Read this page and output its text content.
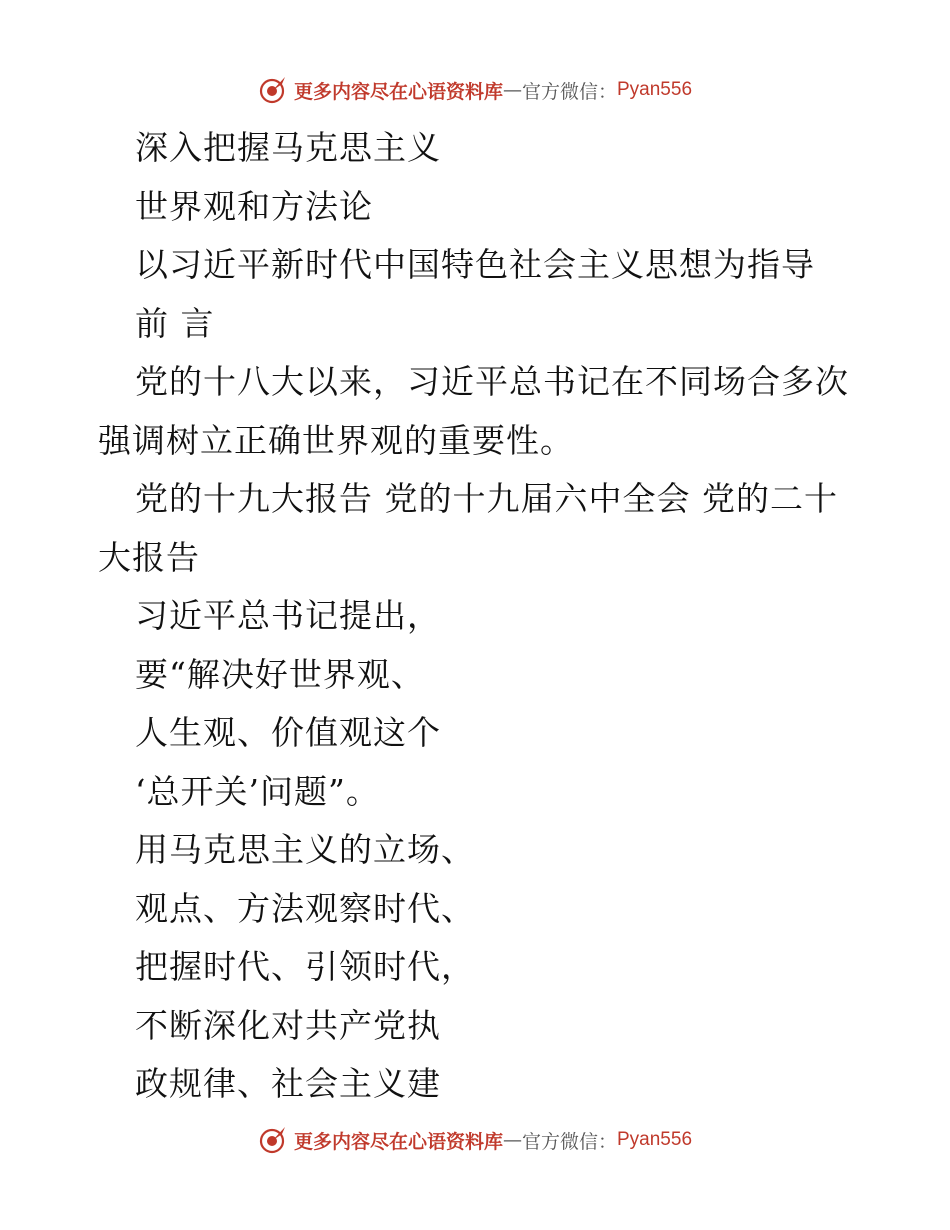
更多内容尽在心语资料库 — 官方微信： Pyan556
深入把握马克思主义
世界观和方法论
以习近平新时代中国特色社会主义思想为指导
前 言
党的十八大以来，习近平总书记在不同场合多次
强调树立正确世界观的重要性。
党的十九大报告 党的十九届六中全会 党的二十
大报告
习近平总书记提出，
要“解决好世界观、
人生观、价值观这个
‘总开关’问题”。
用马克思主义的立场、
观点、方法观察时代、
把握时代、引领时代，
不断深化对共产党执
政规律、社会主义建
更多内容尽在心语资料库 — 官方微信： Pyan556
